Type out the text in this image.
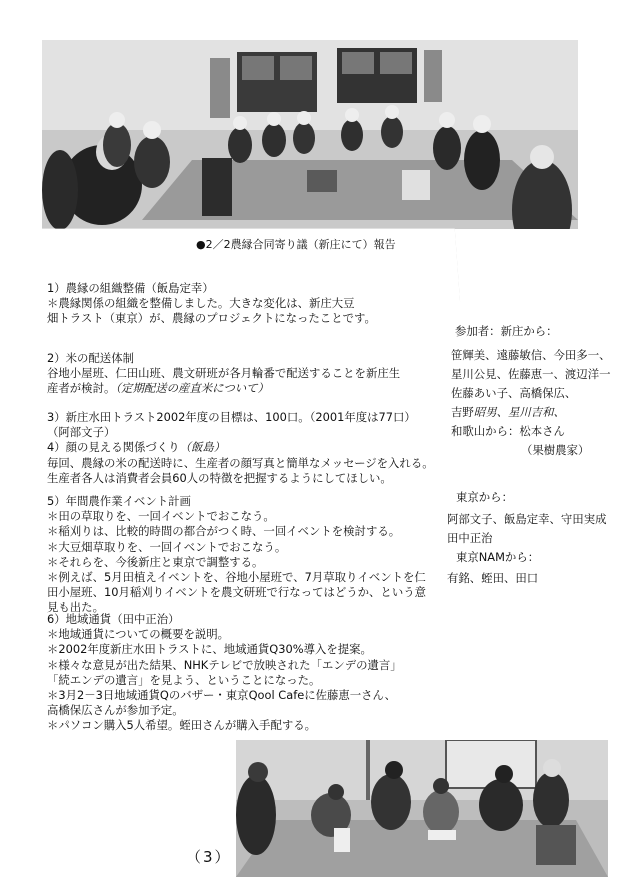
●2／2農縁合同寄り議（新庄にて）報告
1）農縁の組織整備（飯島定幸）
＊農縁関係の組織を整備しました。大きな変化は、新庄大豆
畑トラスト（東京）が、農縁のプロジェクトになったことです。
2）米の配送体制
谷地小屋班、仁田山班、農文研班が各月輪番で配送することを新庄生
産者が検討。（定期配送の産直米について）
3）新庄水田トラスト2002年度の目標は、100口。（2001年度は77口）
（阿部文子）
4）顔の見える関係づくり（飯島）
毎回、農縁の米の配送時に、生産者の顔写真と簡単なメッセージを入れる。
生産者各人は消費者会員60人の特徴を把握するようにしてほしい。
5）年間農作業イベント計画
＊田の草取りを、一回イベントでおこなう。
＊稲刈りは、比較的時間の都合がつく時、一回イベントを検討する。
＊大豆畑草取りを、一回イベントでおこなう。
＊それらを、今後新庄と東京で調整する。
＊例えば、5月田植えイベントを、谷地小屋班で、7月草取りイベントを仁
田小屋班、10月稲刈りイベントを農文研班で行なってはどうか、という意
見も出た。
6）地域通貨（田中正治）
＊地域通貨についての概要を説明。
＊2002年度新庄水田トラストに、地域通貨Q30%導入を提案。
＊様々な意見が出た結果、NHKテレビで放映された「エンデの遺言」
「続エンデの遺言」を見よう、ということになった。
＊3月2－3日地域通貨Qのバザー・東京Qool Cafeに佐藤恵一さん、
高橋保広さんが参加予定。
＊パソコン購入5人希望。蛭田さんが購入手配する。
参加者：新庄から：
笹輝美、遠藤敏信、今田多一、
星川公見、佐藤恵一、渡辺洋一
佐藤あい子、高橋保広、
吉野昭男、星川吉和、
和歌山から：松本さん
（果樹農家）
東京から：
阿部文子、飯島定幸、守田実成
田中正治
東京NAMから：
有銘、蛭田、田口
（3）
